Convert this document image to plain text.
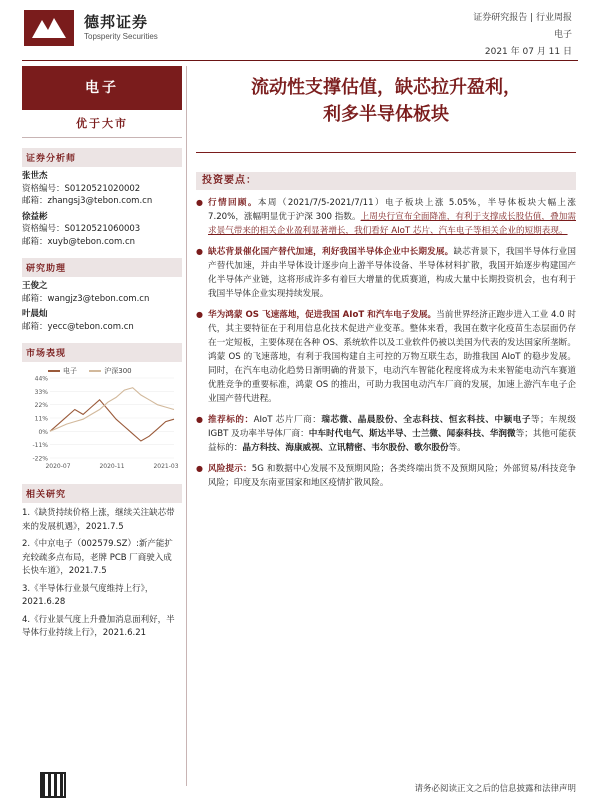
德邦证券
Topsperity Securities
证券研究报告 | 行业周报
电子
2021 年 07 月 11 日
电子
优于大市
证券分析师
张世杰
资格编号：S0120521020002
邮箱：zhangsj3@tebon.com.cn
徐益彬
资格编号：S0120521060003
邮箱：xuyb@tebon.com.cn
研究助理
王俊之
邮箱：wangjz3@tebon.com.cn
叶晨灿
邮箱：yecc@tebon.com.cn
市场表现
电子	沪深300
44%
33%
22%
11%
0%
-11%
-22%
2020-07	2020-11	2021-03
相关研究
1.《缺货持续价格上涨，继续关注缺芯带来的发展机遇》，2021.7.5
2.《中京电子（002579.SZ）:新产能扩充较疏多点布局，老牌 PCB 厂商驶入成长快车道》，2021.7.5
3.《半导体行业景气度维持上行》，2021.6.28
4.《行业景气度上升叠加消息面利好，半导体行业持续上行》，2021.6.21
流动性支撑估值，缺芯拉升盈利，
利多半导体板块
投资要点：
● 行情回顾。本周（2021/7/5-2021/7/11）电子板块上涨 5.05%，半导体板块大幅上涨 7.20%，涨幅明显优于沪深 300 指数。上周央行宣布全面降准，有利于支撑成长股估值，叠加需求景气带来的相关企业盈利显著增长，我们看好 AIoT 芯片、汽车电子等相关企业的短期表现。
● 缺芯背景催化国产替代加速，利好我国半导体企业中长期发展。缺芯背景下，我国半导体行业国产替代加速，并由半导体设计逐步向上游半导体设备、半导体材料扩散，我国开始逐步构建国产化半导体产业链，这将形成许多有着巨大增量的优质赛道，构成大量中长期投资机会，也有利于我国半导体企业实现持续发展。
● 华为鸿蒙 OS 飞速落地，促进我国 AIoT 和汽车电子发展。当前世界经济正跑步进入工业 4.0 时代，其主要特征在于利用信息化技术促进产业变革。整体来看，我国在数字化疫苗生态层面仍存在一定短板，主要体现在各种 OS、系统软件以及工业软件仍被以美国为代表的发达国家所垄断。鸿蒙 OS 的飞速落地，有利于我国构建自主可控的万物互联生态，助推我国 AIoT 的稳步发展。同时，在汽车电动化趋势日渐明确的背景下，电动汽车智能化程度将成为未来智能电动汽车赛道优胜竞争的重要标准，鸿蒙 OS 的推出，可助力我国电动汽车厂商的发展，加速上游汽车电子企业国产替代进程。
● 推荐标的：AIoT 芯片厂商：瑞芯微、晶晨股份、全志科技、恒玄科技、中颖电子等；车规级 IGBT 及功率半导体厂商：中车时代电气、斯达半导、士兰微、闻泰科技、华润微等；其他可能获益标的：晶方科技、海康威视、立讯精密、韦尔股份、歌尔股份等。
● 风险提示：5G 和数据中心发展不及预期风险；各类终端出货不及预期风险；外部贸易/科技竞争风险；印度及东南亚国家和地区疫情扩散风险。
请务必阅读正文之后的信息披露和法律声明
